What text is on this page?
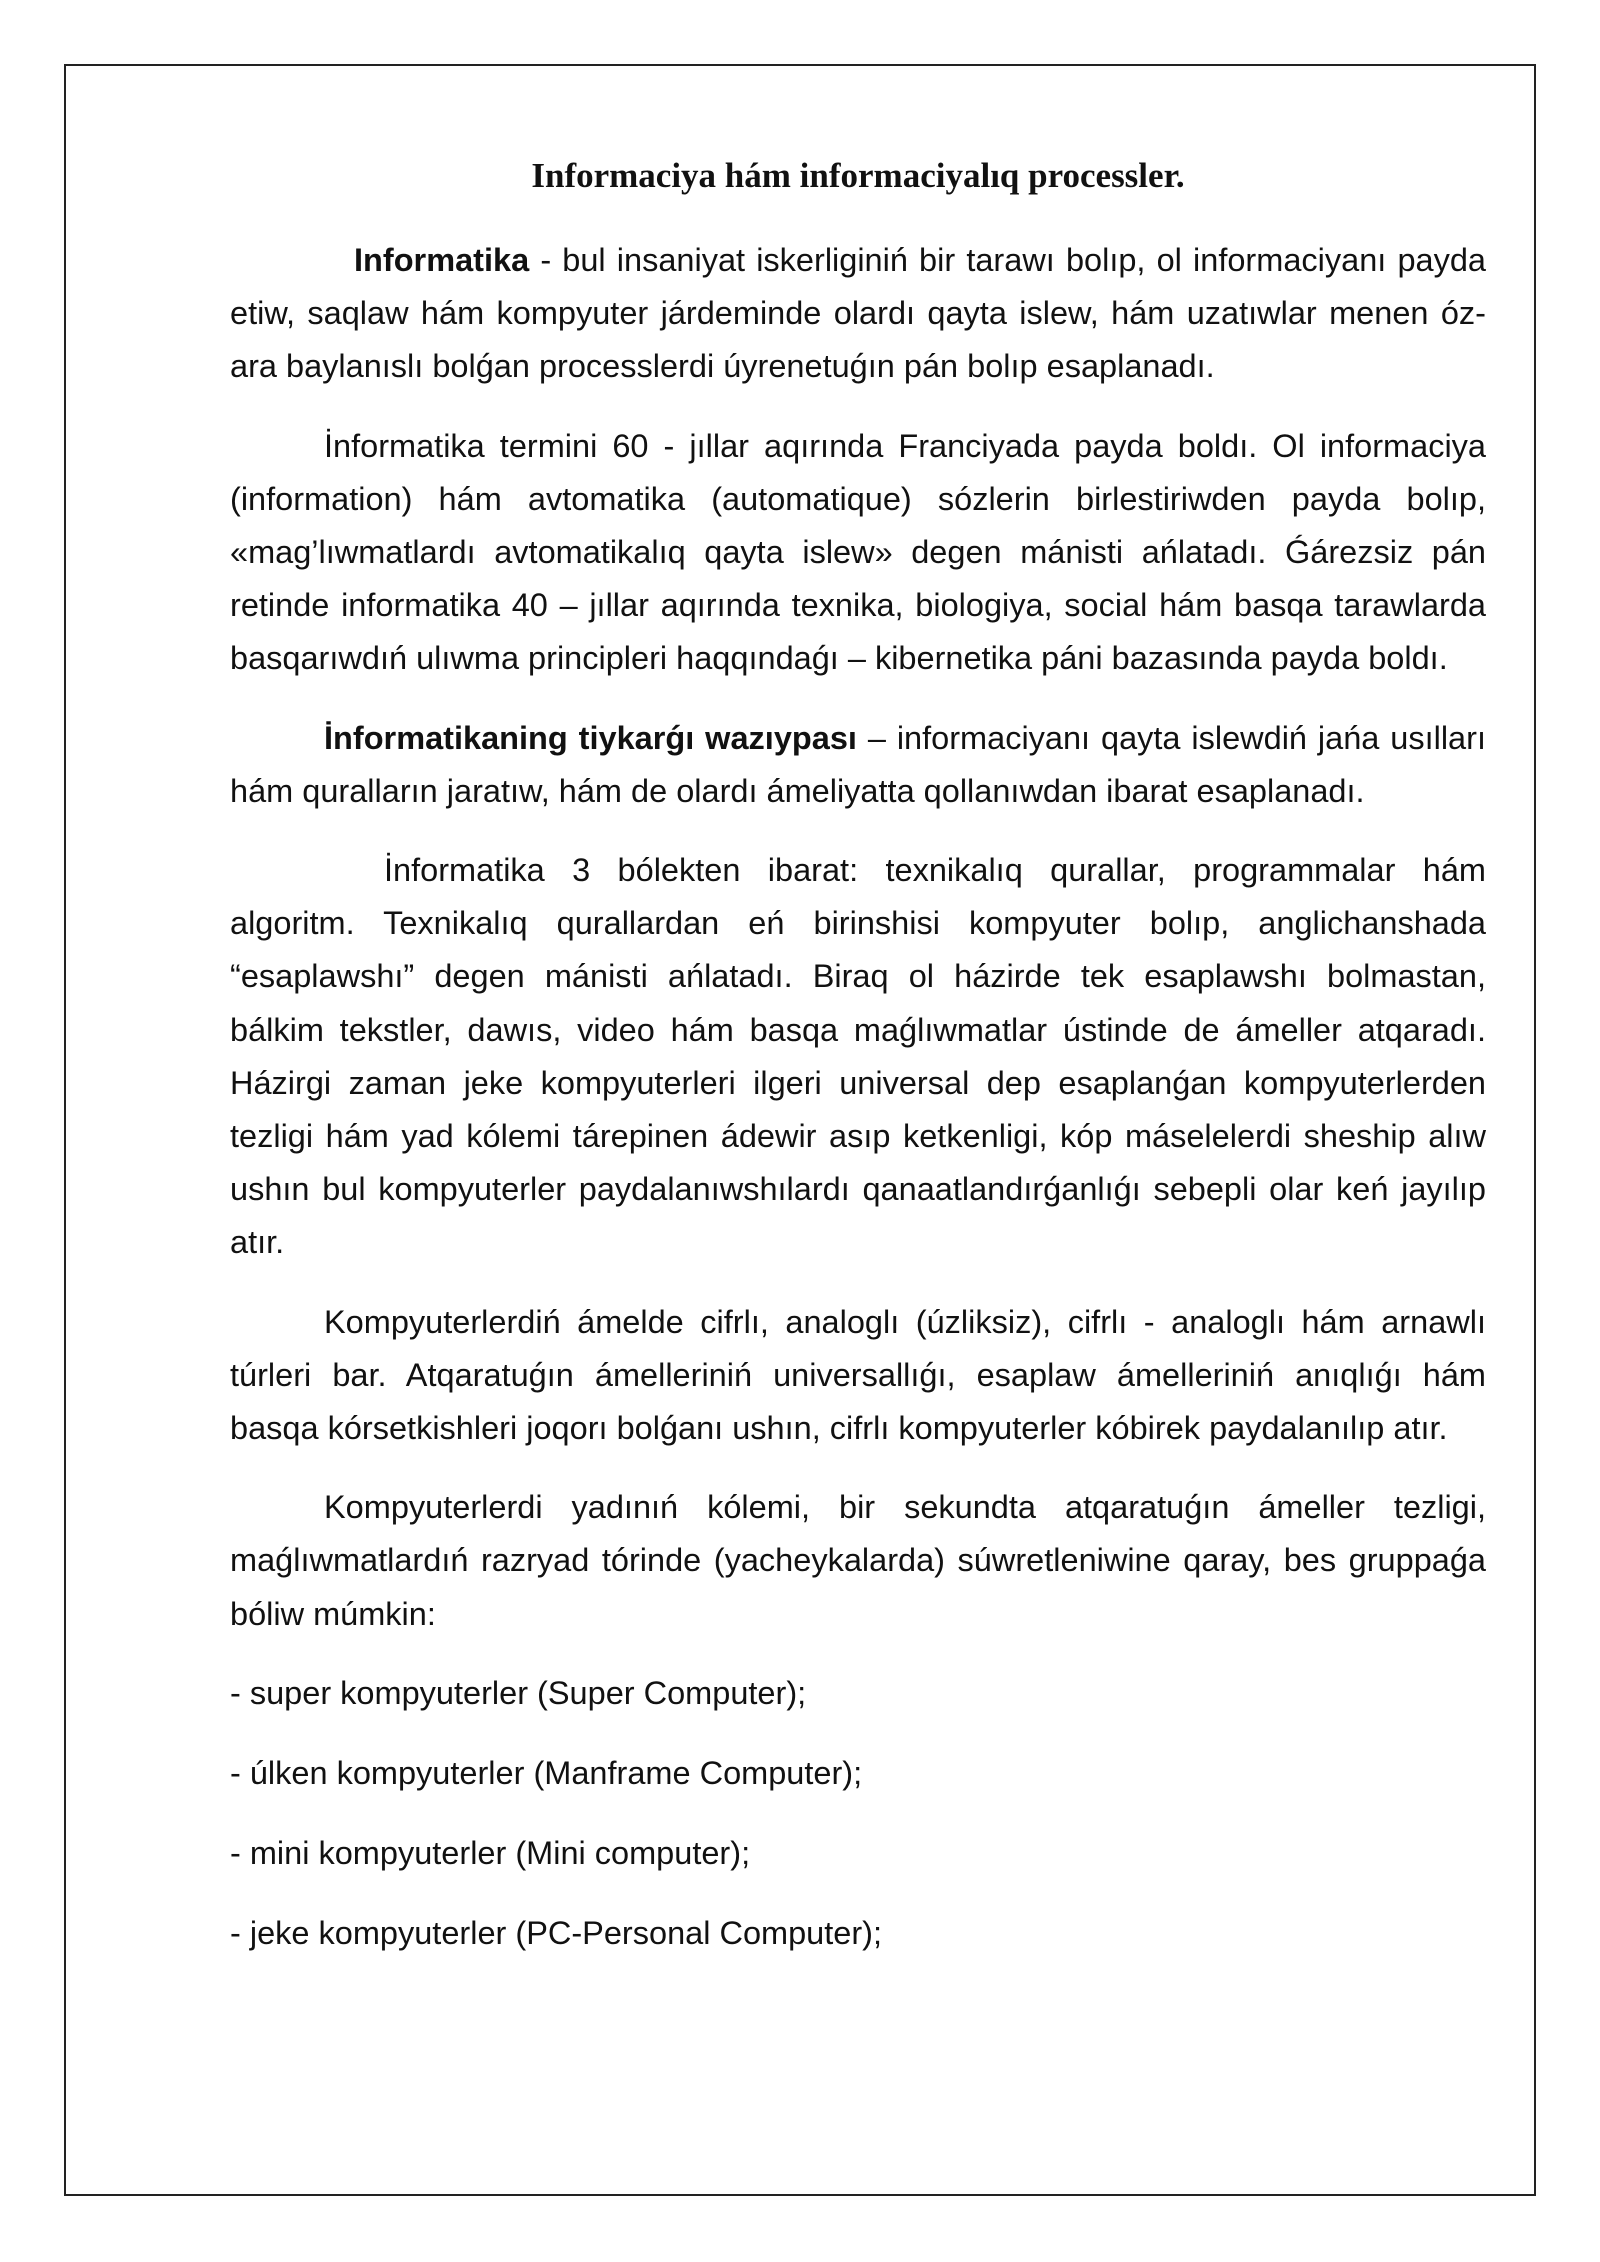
Informaciya hám informaciyalıq processler.

Informatika - bul insaniyat iskerliginiń bir tarawı bolıp, ol informaciyanı payda etiw, saqlaw hám kompyuter járdeminde olardı qayta islew, hám uzatıwlar menen óz-ara baylanıslı bolǵan processlerdi úyrenetuǵın pán bolıp esaplanadı.

İnformatika termini 60 - jıllar aqırında Franciyada payda boldı. Ol informaciya (information) hám avtomatika (automatique) sózlerin birlestiriwden payda bolıp, «mag’lıwmatlardı avtomatikalıq qayta islew» degen mánisti ańlatadı. Ǵárezsiz pán retinde informatika 40 – jıllar aqırında texnika, biologiya, social hám basqa tarawlarda basqarıwdıń ulıwma principleri haqqındaǵı – kibernetika páni bazasında payda boldı.

İnformatikaning tiykarǵı wazıypası – informaciyanı qayta islewdiń jańa usılları hám quralların jaratıw, hám de olardı ámeliyatta qollanıwdan ibarat esaplanadı.

İnformatika 3 bólekten ibarat: texnikalıq qurallar, programmalar hám algoritm. Texnikalıq qurallardan eń birinshisi kompyuter bolıp, anglichanshada “esaplawshı” degen mánisti ańlatadı. Biraq ol házirde tek esaplawshı bolmastan, bálkim tekstler, dawıs, video hám basqa maǵlıwmatlar ústinde de ámeller atqaradı. Házirgi zaman jeke kompyuterleri ilgeri universal dep esaplanǵan kompyuterlerden tezligi hám yad kólemi tárepinen ádewir asıp ketkenligi, kóp máselelerdi sheship alıw ushın bul kompyuterler paydalanıwshılardı qanaatlandırǵanlıǵı sebepli olar keń jayılıp atır.

Kompyuterlerdiń ámelde cifrlı, analoglı (úzliksiz), cifrlı - analoglı hám arnawlı túrleri bar. Atqaratuǵın ámelleriniń universallıǵı, esaplaw ámelleriniń anıqlıǵı hám basqa kórsetkishleri joqorı bolǵanı ushın, cifrlı kompyuterler kóbirek paydalanılıp atır.

Kompyuterlerdi yadınıń kólemi, bir sekundta atqaratuǵın ámeller tezligi, maǵlıwmatlardıń razryad tórinde (yacheykalarda) súwretleniwine qaray, bes gruppaǵa bóliw múmkin:

- super kompyuterler (Super Computer);
- úlken kompyuterler (Manframe Computer);
- mini kompyuterler (Mini computer);
- jeke kompyuterler (PC-Personal Computer);
